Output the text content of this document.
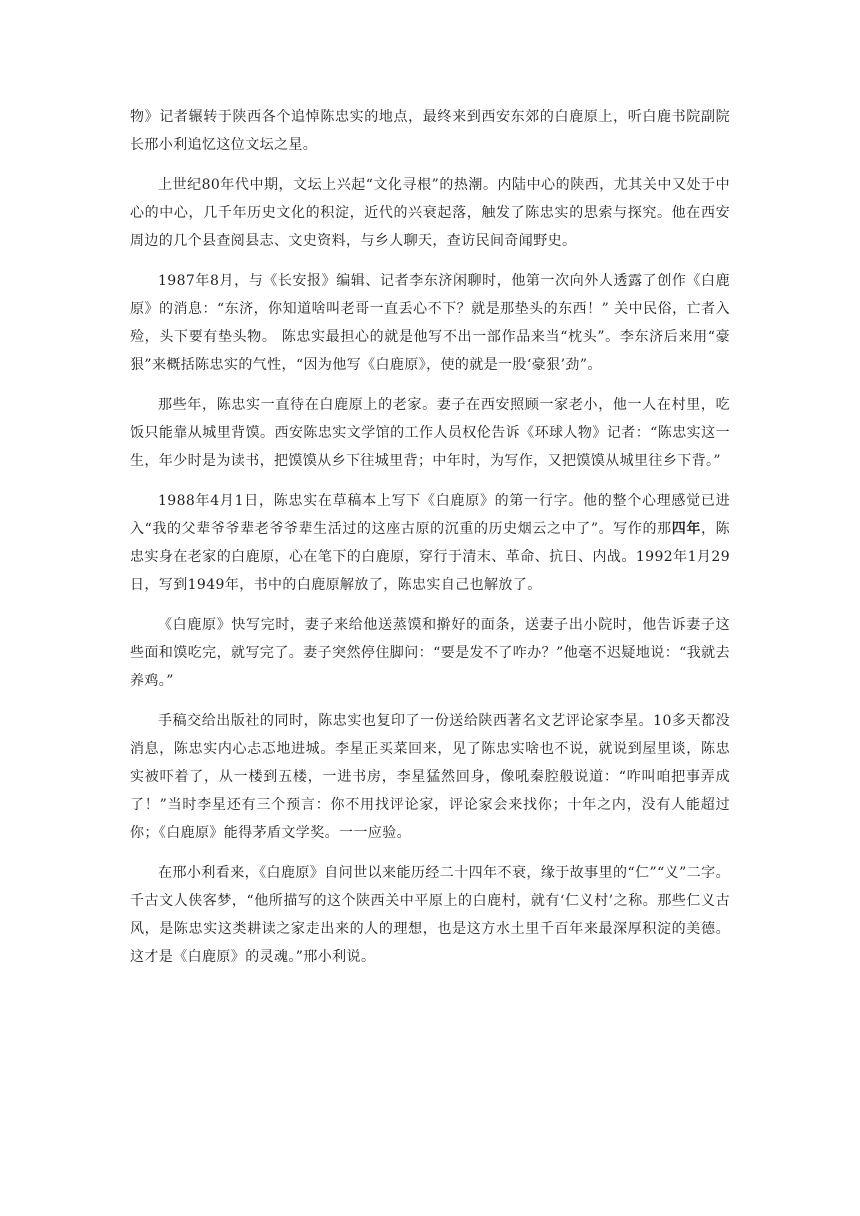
物》记者辗转于陕西各个追悼陈忠实的地点，最终来到西安东郊的白鹿原上，听白鹿书院副院长邢小利追忆这位文坛之星。

上世纪80年代中期，文坛上兴起“文化寻根”的热潮。内陆中心的陕西，尤其关中又处于中心的中心，几千年历史文化的积淀，近代的兴衰起落，触发了陈忠实的思索与探究。他在西安周边的几个县查阅县志、文史资料，与乡人聊天，查访民间奇闻野史。

1987年8月，与《长安报》编辑、记者李东济闲聊时，他第一次向外人透露了创作《白鹿原》的消息：“东济，你知道啥叫老哥一直丢心不下？就是那垫头的东西！” 关中民俗，亡者入殓，头下要有垫头物。 陈忠实最担心的就是他写不出一部作品来当“枕头”。李东济后来用“豪狠”来概括陈忠实的气性，“因为他写《白鹿原》，使的就是一股‘豪狠’劲”。

那些年，陈忠实一直待在白鹿原上的老家。妻子在西安照顾一家老小，他一人在村里，吃饭只能靠从城里背馍。西安陈忠实文学馆的工作人员权伦告诉《环球人物》记者：“陈忠实这一生，年少时是为读书，把馍馍从乡下往城里背；中年时，为写作，又把馍馍从城里往乡下背。”

1988年4月1日，陈忠实在草稿本上写下《白鹿原》的第一行字。他的整个心理感觉已进入“我的父辈爷爷辈老爷爷辈生活过的这座古原的沉重的历史烟云之中了”。写作的那四年，陈忠实身在老家的白鹿原，心在笔下的白鹿原，穿行于清末、革命、抗日、内战。1992年1月29日，写到1949年，书中的白鹿原解放了，陈忠实自己也解放了。

《白鹿原》快写完时，妻子来给他送蒸馍和擀好的面条，送妻子出小院时，他告诉妻子这些面和馍吃完，就写完了。妻子突然停住脚问：“要是发不了咋办？”他毫不迟疑地说：“我就去养鸡。”

手稿交给出版社的同时，陈忠实也复印了一份送给陕西著名文艺评论家李星。10多天都没消息，陈忠实内心忐忑地进城。李星正买菜回来，见了陈忠实啥也不说，就说到屋里谈，陈忠实被吓着了，从一楼到五楼，一进书房，李星猛然回身，像吼秦腔般说道：“咋叫咱把事弄成了！”当时李星还有三个预言：你不用找评论家，评论家会来找你；十年之内，没有人能超过你；《白鹿原》能得茅盾文学奖。一一应验。

在邢小利看来，《白鹿原》自问世以来能历经二十四年不衰，缘于故事里的“仁”“义”二字。千古文人侠客梦，“他所描写的这个陕西关中平原上的白鹿村，就有‘仁义村’之称。那些仁义古风，是陈忠实这类耕读之家走出来的人的理想，也是这方水土里千百年来最深厚积淀的美德。这才是《白鹿原》的灵魂。”邢小利说。
